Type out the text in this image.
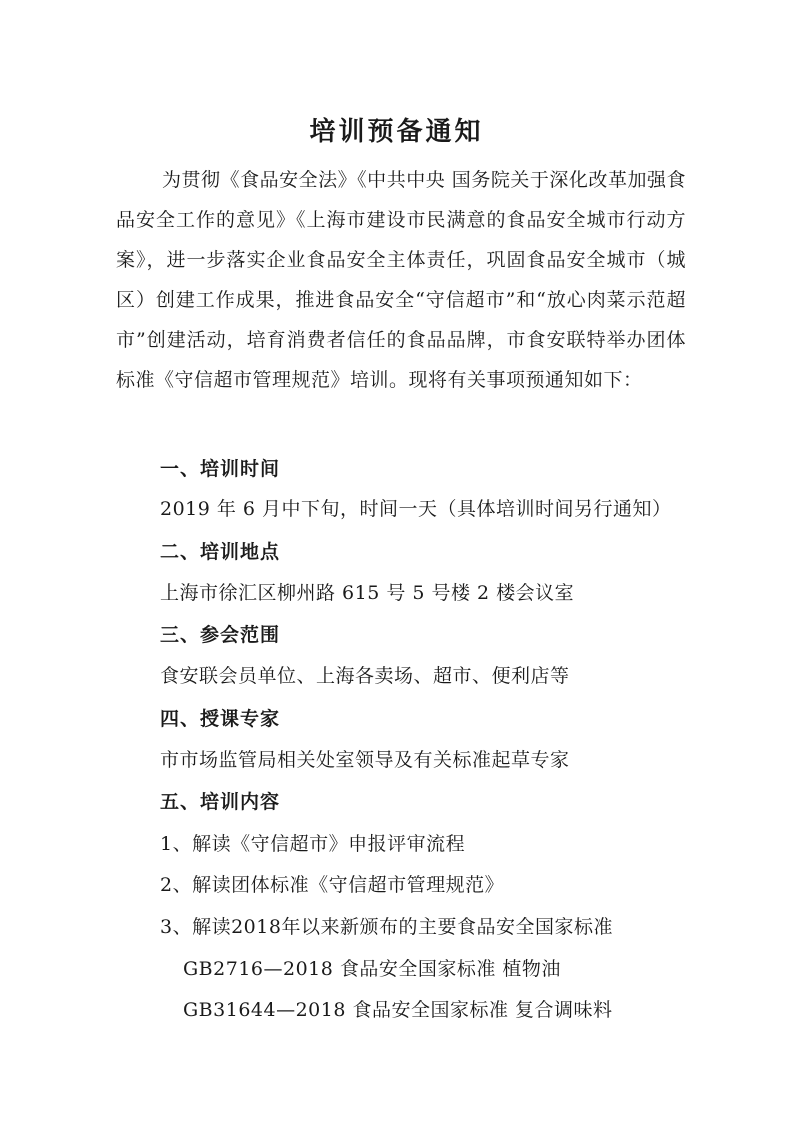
培训预备通知
为贯彻《食品安全法》《中共中央 国务院关于深化改革加强食品安全工作的意见》《上海市建设市民满意的食品安全城市行动方案》，进一步落实企业食品安全主体责任，巩固食品安全城市（城区）创建工作成果，推进食品安全“守信超市”和“放心肉菜示范超市”创建活动，培育消费者信任的食品品牌，市食安联特举办团体标准《守信超市管理规范》培训。现将有关事项预通知如下：
一、培训时间
2019 年 6 月中下旬，时间一天（具体培训时间另行通知）
二、培训地点
上海市徐汇区柳州路 615 号 5 号楼 2 楼会议室
三、参会范围
食安联会员单位、上海各卖场、超市、便利店等
四、授课专家
市市场监管局相关处室领导及有关标准起草专家
五、培训内容
1、解读《守信超市》申报评审流程
2、解读团体标准《守信超市管理规范》
3、解读2018年以来新颁布的主要食品安全国家标准
GB2716—2018 食品安全国家标准 植物油
GB31644—2018 食品安全国家标准 复合调味料
